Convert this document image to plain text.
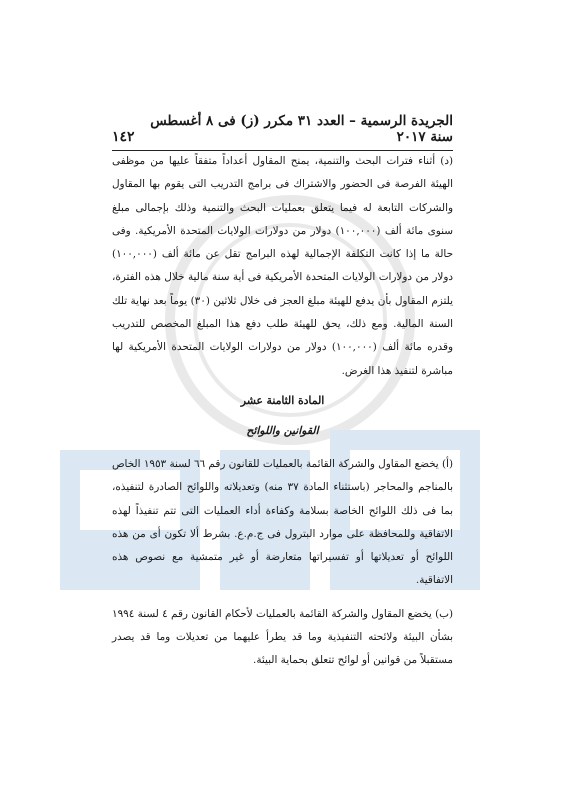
الجريدة الرسمية – العدد ٣١ مكرر (ز) فى ٨ أغسطس سنة ٢٠١٧
١٤٢

(د) أثناء فترات البحث والتنمية، يمنح المقاول أعداداً متفقاً عليها من موظفى الهيئة الفرصة فى الحضور والاشتراك فى برامج التدريب التى يقوم بها المقاول والشركات التابعة له فيما يتعلق بعمليات البحث والتنمية وذلك بإجمالى مبلغ سنوى مائة ألف (١٠٠,٠٠٠) دولار من دولارات الولايات المتحدة الأمريكية. وفى حالة ما إذا كانت التكلفة الإجمالية لهذه البرامج تقل عن مائة ألف (١٠٠,٠٠٠) دولار من دولارات الولايات المتحدة الأمريكية فى أية سنة مالية خلال هذه الفترة، يلتزم المقاول بأن يدفع للهيئة مبلغ العجز فى خلال ثلاثين (٣٠) يوماً بعد نهاية تلك السنة المالية. ومع ذلك، يحق للهيئة طلب دفع هذا المبلغ المخصص للتدريب وقدره مائة ألف (١٠٠,٠٠٠) دولار من دولارات الولايات المتحدة الأمريكية لها مباشرة لتنفيذ هذا الغرض.

المادة الثامنة عشر

القوانين واللوائح

(أ) يخضع المقاول والشركة القائمة بالعمليات للقانون رقم ٦٦ لسنة ١٩٥٣ الخاص بالمناجم والمحاجر (باستثناء المادة ٣٧ منه) وتعديلاته واللوائح الصادرة لتنفيذه، بما فى ذلك اللوائح الخاصة بسلامة وكفاءة أداء العمليات التى تتم تنفيذاً لهذه الاتفاقية وللمحافظة على موارد البترول فى ج.م.ع. بشرط ألا تكون أى من هذه اللوائح أو تعديلاتها أو تفسيراتها متعارضة أو غير متمشية مع نصوص هذه الاتفاقية.

(ب) يخضع المقاول والشركة القائمة بالعمليات لأحكام القانون رقم ٤ لسنة ١٩٩٤ بشأن البيئة ولائحته التنفيذية وما قد يطرأ عليهما من تعديلات وما قد يصدر مستقبلاً من قوانين أو لوائح تتعلق بحماية البيئة.
